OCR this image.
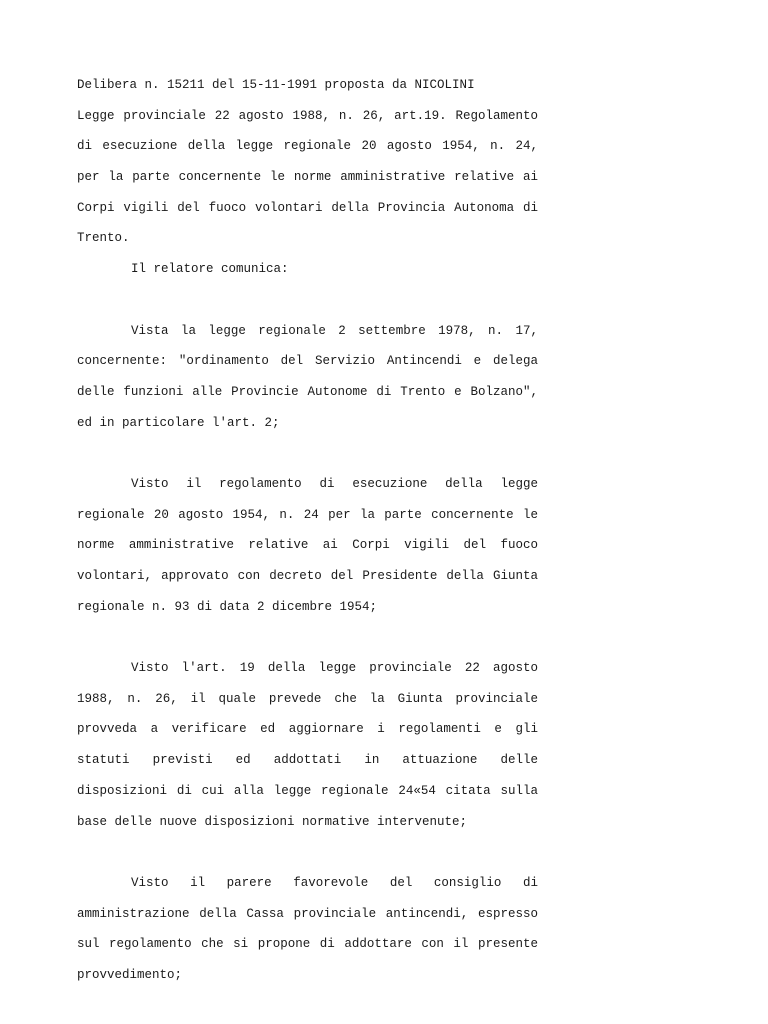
Delibera n. 15211 del 15-11-1991 proposta da NICOLINI
Legge provinciale 22 agosto 1988, n. 26, art.19. Regolamento
di esecuzione della legge regionale 20 agosto 1954, n. 24,
per la parte concernente le norme amministrative relative ai
Corpi vigili del fuoco volontari della Provincia Autonoma di
Trento.
Il relatore comunica:
Vista la legge regionale 2 settembre 1978, n. 17,
concernente: "ordinamento del Servizio Antincendi e delega
delle funzioni alle Provincie Autonome di Trento e Bolzano",
ed in particolare l'art. 2;
Visto il regolamento di esecuzione della legge
regionale 20 agosto 1954, n. 24 per la parte concernente le
norme amministrative relative ai Corpi vigili del fuoco
volontari, approvato con decreto del Presidente della Giunta
regionale n. 93 di data 2 dicembre 1954;
Visto l'art. 19 della legge provinciale 22 agosto
1988, n. 26, il quale prevede che la Giunta provinciale
provveda a verificare ed aggiornare i regolamenti e gli
statuti previsti ed addottati in attuazione delle
disposizioni di cui alla legge regionale 24«54 citata sulla
base delle nuove disposizioni normative intervenute;
Visto il parere favorevole del consiglio di
amministrazione della Cassa provinciale antincendi, espresso
sul regolamento che si propone di addottare con il presente
provvedimento;
